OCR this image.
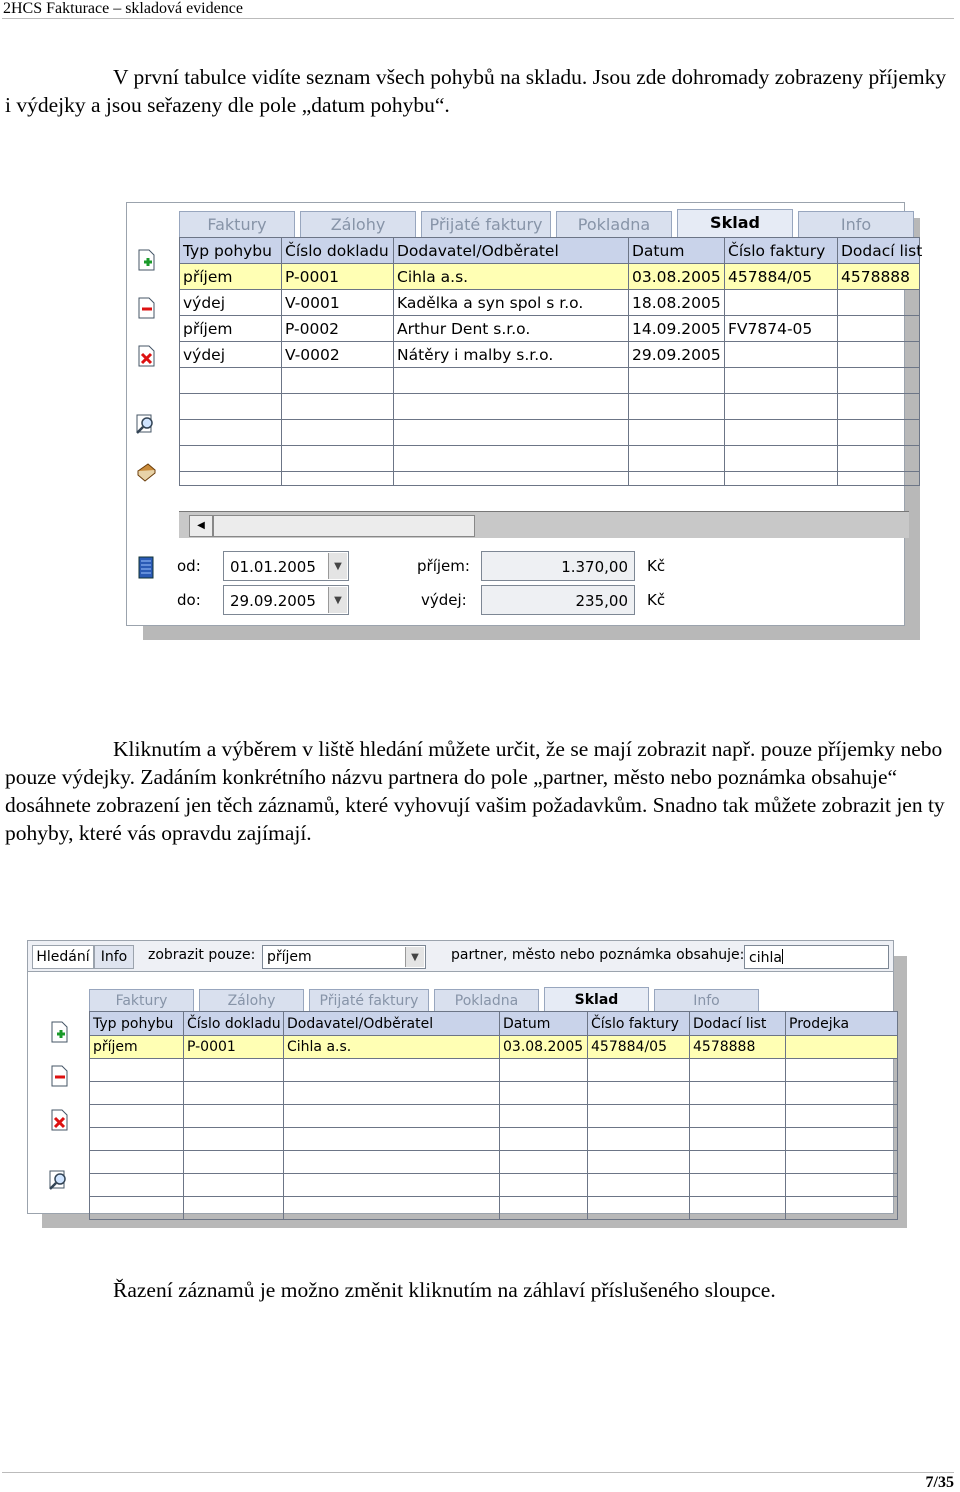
2HCS Fakturace – skladová evidence

V první tabulce vidíte seznam všech pohybů na skladu. Jsou zde dohromady zobrazeny příjemky i výdejky a jsou seřazeny dle pole „datum pohybu“.

Faktury	Zálohy	Přijaté faktury	Pokladna	Sklad	Info
Typ pohybu	Číslo dokladu	Dodavatel/Odběratel	Datum	Číslo faktury	Dodací list
příjem	P-0001	Cihla a.s.	03.08.2005	457884/05	4578888
výdej	V-0001	Kadělka a syn spol s r.o.	18.08.2005		
příjem	P-0002	Arthur Dent s.r.o.	14.09.2005	FV7874-05	
výdej	V-0002	Nátěry i malby s.r.o.	29.09.2005		

◀
od:	01.01.2005	▼
do:	29.09.2005	▼
příjem:	1.370,00	Kč
výdej:	235,00	Kč

Kliknutím a výběrem v liště hledání můžete určit, že se mají zobrazit např. pouze příjemky nebo pouze výdejky. Zadáním konkrétního názvu partnera do pole „partner, město nebo poznámka obsahuje“ dosáhnete zobrazení jen těch záznamů, které vyhovují vašim požadavkům. Snadno tak můžete zobrazit jen ty pohyby, které vás opravdu zajímají.

Hledání Info	zobrazit pouze: příjem	▼	partner, město nebo poznámka obsahuje: cihla
Faktury	Zálohy	Přijaté faktury	Pokladna	Sklad	Info
Typ pohybu	Číslo dokladu	Dodavatel/Odběratel	Datum	Číslo faktury	Dodací list	Prodejka
příjem	P-0001	Cihla a.s.	03.08.2005	457884/05	4578888	

Řazení záznamů je možno změnit kliknutím na záhlaví příslušeného sloupce.

7/35
